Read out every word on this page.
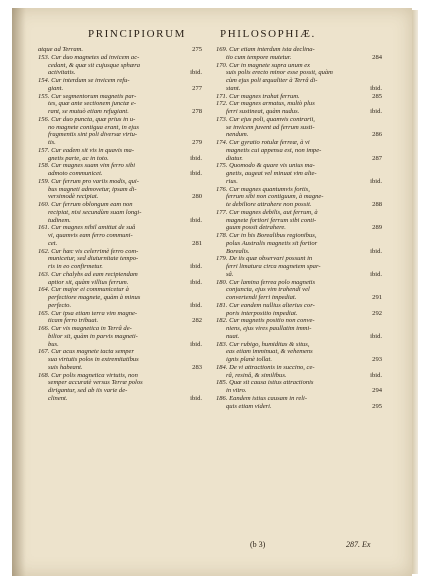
PRINCIPIORUM	PHILOSOPHIÆ.
atque ad Terram.	275
153. Cur duo magnetes ad invicem ac-
cedant, & quæ sit cujusque sphæra
activitatis.	ibid.
154. Cur interdum se invicem refu-
giant.	277
155. Cur segmentorum magnetis par-
tes, quæ ante sectionem junctæ e-
rant, se mutuò etiam refugiant.	278
156. Cur duo puncta, quæ prius in u-
no magnete contigua erant, in ejus
fragmentis sint poli diversæ virtu-
tis.	279
157. Cur eadem sit vis in quavis ma-
gnetis parte, ac in toto.	ibid.
158. Cur magnes suam vim ferro sibi
admoto communicet.	ibid.
159. Cur ferrum pro variis modis, qui-
bus magneti admovetur, ipsam di-
versimodè recipiat.	280
160. Cur ferrum oblongum eam non
recipiat, nisi secundùm suam longi-
tudinem.	ibid.
161. Cur magnes nihil amittat de suâ
vi, quamvis eam ferro communi-
cet.	281
162. Cur hæc vis celerrimè ferro com-
municetur, sed diuturnitate tempo-
ris in eo confirmetur.	ibid.
163. Cur chalybs ad eam recipiendam
aptior sit, quàm villius ferrum.	ibid.
164. Cur major ei communicetur à
perfectiore magnete, quàm à minus
perfecto.	ibid.
165. Cur ipsa etiam terra vim magne-
ticam ferro tribuat.	282
166. Cur vis magnetica in Terrâ de-
bilior sit, quàm in parvis magneti-
bus.	ibid.
167. Cur acus magnete tacta semper
sua virtutis polos in extremitatibus
suis habeant.	283
168. Cur polis magnetica virtutis, non
semper accuratè versus Terræ polos
dirigantur, sed ab iis varie de-
clinent.	ibid.
169. Cur etiam interdum ista declina-
tio cum tempore mutetur.	284
170. Cur in magnete supra unum ex
suis polis erecto minor esse possit, quàm
cùm ejus poli æqualiter à Terrâ di-
stant.	ibid.
171. Cur magnes trahat ferrum.	285
172. Cur magnes armatus, multò plus
ferri sustineat, quàm nudus.	ibid.
173. Cur ejus poli, quamvis contrarii,
se invicem juvent ad ferrum susti-
nendum.	286
174. Cur gyratio rotulæ ferreæ, à vi
magnetis cui appensa est, non impe-
diatur.	287
175. Quomodo & quare vis unius ma-
gnetis, augeat vel minuat vim alte-
rius.	ibid.
176. Cur magnes quantumvis fortis,
ferrum sibi non contiguum, à magne-
te debiliore attrahere non possit.	288
177. Cur magnes debilis, aut ferrum, à
magnete fortiori ferrum sibi conti-
guum possit detrahere.	289
178. Cur in his Borealibus regionibus,
polus Australis magnetis sit fortior
Borealis.	ibid.
179. De iis quæ observari possunt in
ferri limatura circa magnetem spar-
sâ.	ibid.
180. Cur lamina ferrea polo magnetis
conjuncta, ejus vim trahendi vel
convertendi ferri impediat.	291
181. Cur eandem nullius alterius cor-
poris interpositio impediat.	292
182. Cur magnetis positio non conve-
niens, ejus vires paullatim immi-
nuat.	ibid.
183. Cur rubigo, humiditas & situs,
eas etiam imminuat, & vehemens
ignis planè tollat.	293
184. De vi attractionis in succino, ce-
râ, resinâ, & similibus.	ibid.
185. Quæ sit causa istius attractionis
in vitro.	294
186. Eandem istius causam in reli-
quis etiam videri.	295
(b 3)	287. Ex
